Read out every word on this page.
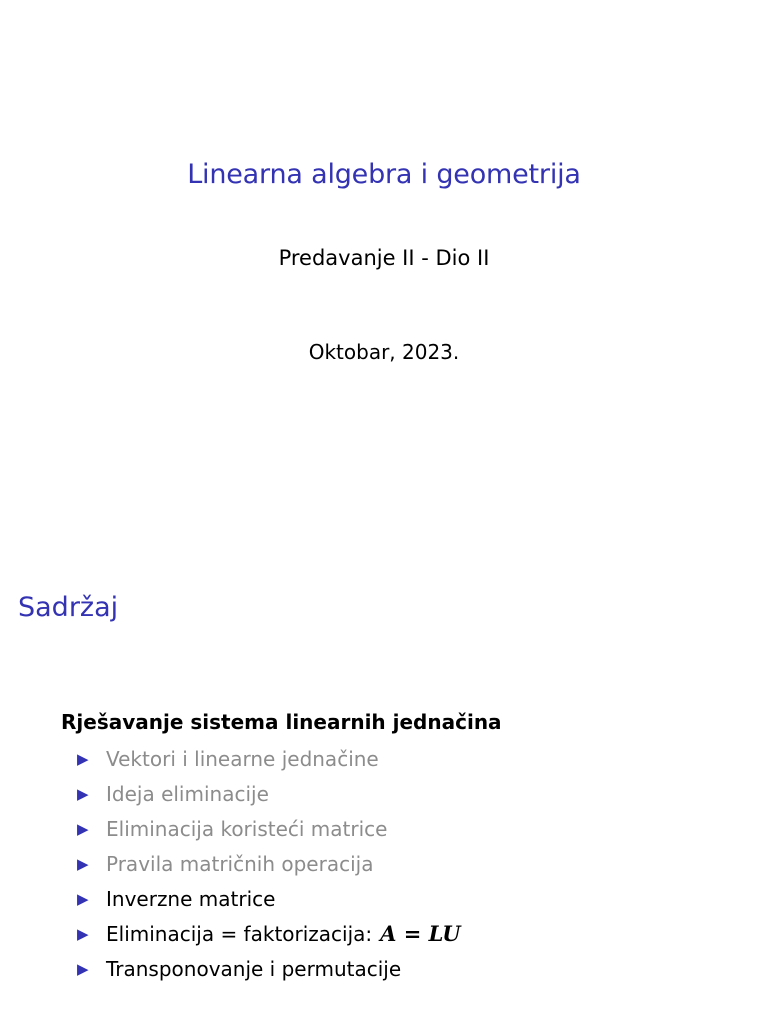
Linearna algebra i geometrija
Predavanje II - Dio II
Oktobar, 2023.
Sadržaj
Rješavanje sistema linearnih jednačina
▶ Vektori i linearne jednačine
▶ Ideja eliminacije
▶ Eliminacija koristeći matrice
▶ Pravila matričnih operacija
▶ Inverzne matrice
▶ Eliminacija = faktorizacija: A = LU
▶ Transponovanje i permutacije
